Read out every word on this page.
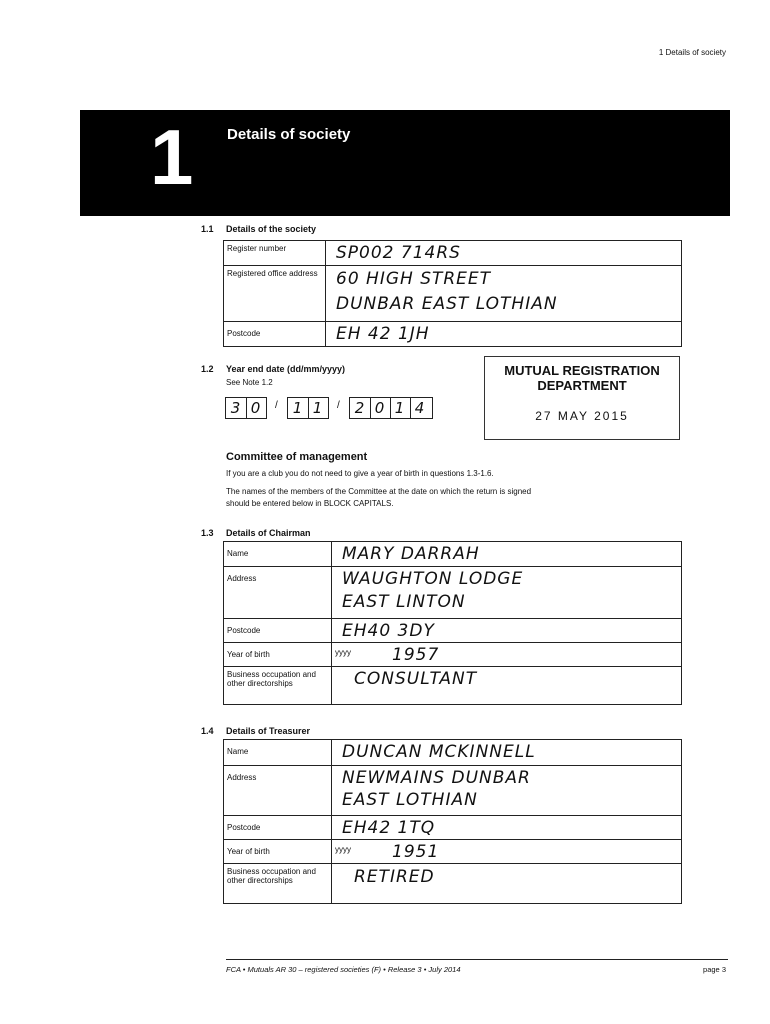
1 Details of society
1 Details of society
1.1 Details of the society
Register number	SP002 714RS

Registered office address	60 HIGH STREET
DUNBAR EAST LOTHIAN

Postcode	EH 42 1JH
1.2 Year end date (dd/mm/yyyy)
See Note 1.2
3 0	/ 1 1	/ 2 0 1 4
MUTUAL REGISTRATION
DEPARTMENT
27 MAY 2015
Committee of management
If you are a club you do not need to give a year of birth in questions 1.3-1.6.
The names of the members of the Committee at the date on which the return is signed
should be entered below in BLOCK CAPITALS.
1.3 Details of Chairman
Name	MARY DARRAH

Address	WAUGHTON LODGE
EAST LINTON

Postcode	EH40 3DY

Year of birth	yyyy 1957

Business occupation and other directorships	CONSULTANT
1.4 Details of Treasurer
Name	DUNCAN MCKINNELL

Address	NEWMAINS DUNBAR
EAST LOTHIAN

Postcode	EH42 1TQ

Year of birth	yyyy 1951

Business occupation and other directorships	RETIRED
FCA • Mutuals AR 30 – registered societies (F) • Release 3 • July 2014	page 3
